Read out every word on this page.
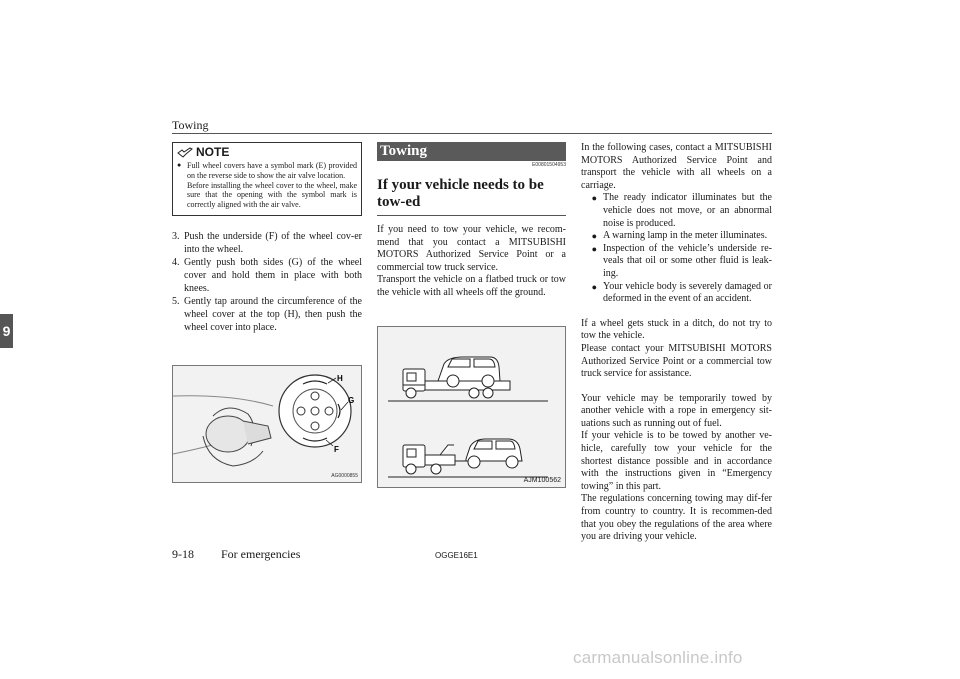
Towing
9
NOTE
● Full wheel covers have a symbol mark (E) provided on the reverse side to show the air valve location.

Before installing the wheel cover to the wheel, make sure that the opening with the symbol mark is correctly aligned with the air valve.

3. Push the underside (F) of the wheel cov-er into the wheel.
4. Gently push both sides (G) of the wheel cover and hold them in place with both knees.
5. Gently tap around the circumference of the wheel cover at the top (H), then push the wheel cover into place.
H
G
F
AG0000855
Towing
E00801504953
If your vehicle needs to be tow-ed

If you need to tow your vehicle, we recom-mend that you contact a MITSUBISHI MOTORS Authorized Service Point or a commercial tow truck service.

Transport the vehicle on a flatbed truck or tow the vehicle with all wheels off the ground.

AJM100562

In the following cases, contact a MITSUBISHI MOTORS Authorized Service Point and transport the vehicle with all wheels on a carriage.

● The ready indicator illuminates but the vehicle does not move, or an abnormal noise is produced.
● A warning lamp in the meter illuminates.
● Inspection of the vehicle’s underside re-veals that oil or some other fluid is leak-ing.
● Your vehicle body is severely damaged or deformed in the event of an accident.

If a wheel gets stuck in a ditch, do not try to tow the vehicle.

Please contact your MITSUBISHI MOTORS Authorized Service Point or a commercial tow truck service for assistance.

Your vehicle may be temporarily towed by another vehicle with a rope in emergency sit-uations such as running out of fuel.

If your vehicle is to be towed by another ve-hicle, carefully tow your vehicle for the shortest distance possible and in accordance with the instructions given in “Emergency towing” in this part.

The regulations concerning towing may dif-fer from country to country. It is recommen-ded that you obey the regulations of the area where you are driving your vehicle.

9-18 For emergencies	OGGE16E1
carmanualsonline.info
